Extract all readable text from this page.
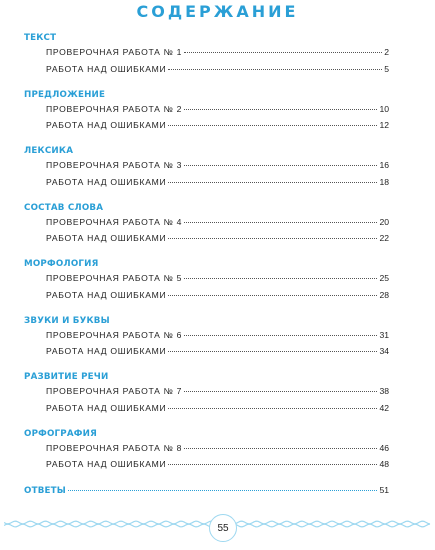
СОДЕРЖАНИЕ
ТЕКСТ
ПРОВЕРОЧНАЯ РАБОТА № 1	2
РАБОТА НАД ОШИБКАМИ	5
ПРЕДЛОЖЕНИЕ
ПРОВЕРОЧНАЯ РАБОТА № 2	10
РАБОТА НАД ОШИБКАМИ	12
ЛЕКСИКА
ПРОВЕРОЧНАЯ РАБОТА № 3	16
РАБОТА НАД ОШИБКАМИ	18
СОСТАВ СЛОВА
ПРОВЕРОЧНАЯ РАБОТА № 4	20
РАБОТА НАД ОШИБКАМИ	22
МОРФОЛОГИЯ
ПРОВЕРОЧНАЯ РАБОТА № 5	25
РАБОТА НАД ОШИБКАМИ	28
ЗВУКИ И БУКВЫ
ПРОВЕРОЧНАЯ РАБОТА № 6	31
РАБОТА НАД ОШИБКАМИ	34
РАЗВИТИЕ РЕЧИ
ПРОВЕРОЧНАЯ РАБОТА № 7	38
РАБОТА НАД ОШИБКАМИ	42
ОРФОГРАФИЯ
ПРОВЕРОЧНАЯ РАБОТА № 8	46
РАБОТА НАД ОШИБКАМИ	48
ОТВЕТЫ	51
55
